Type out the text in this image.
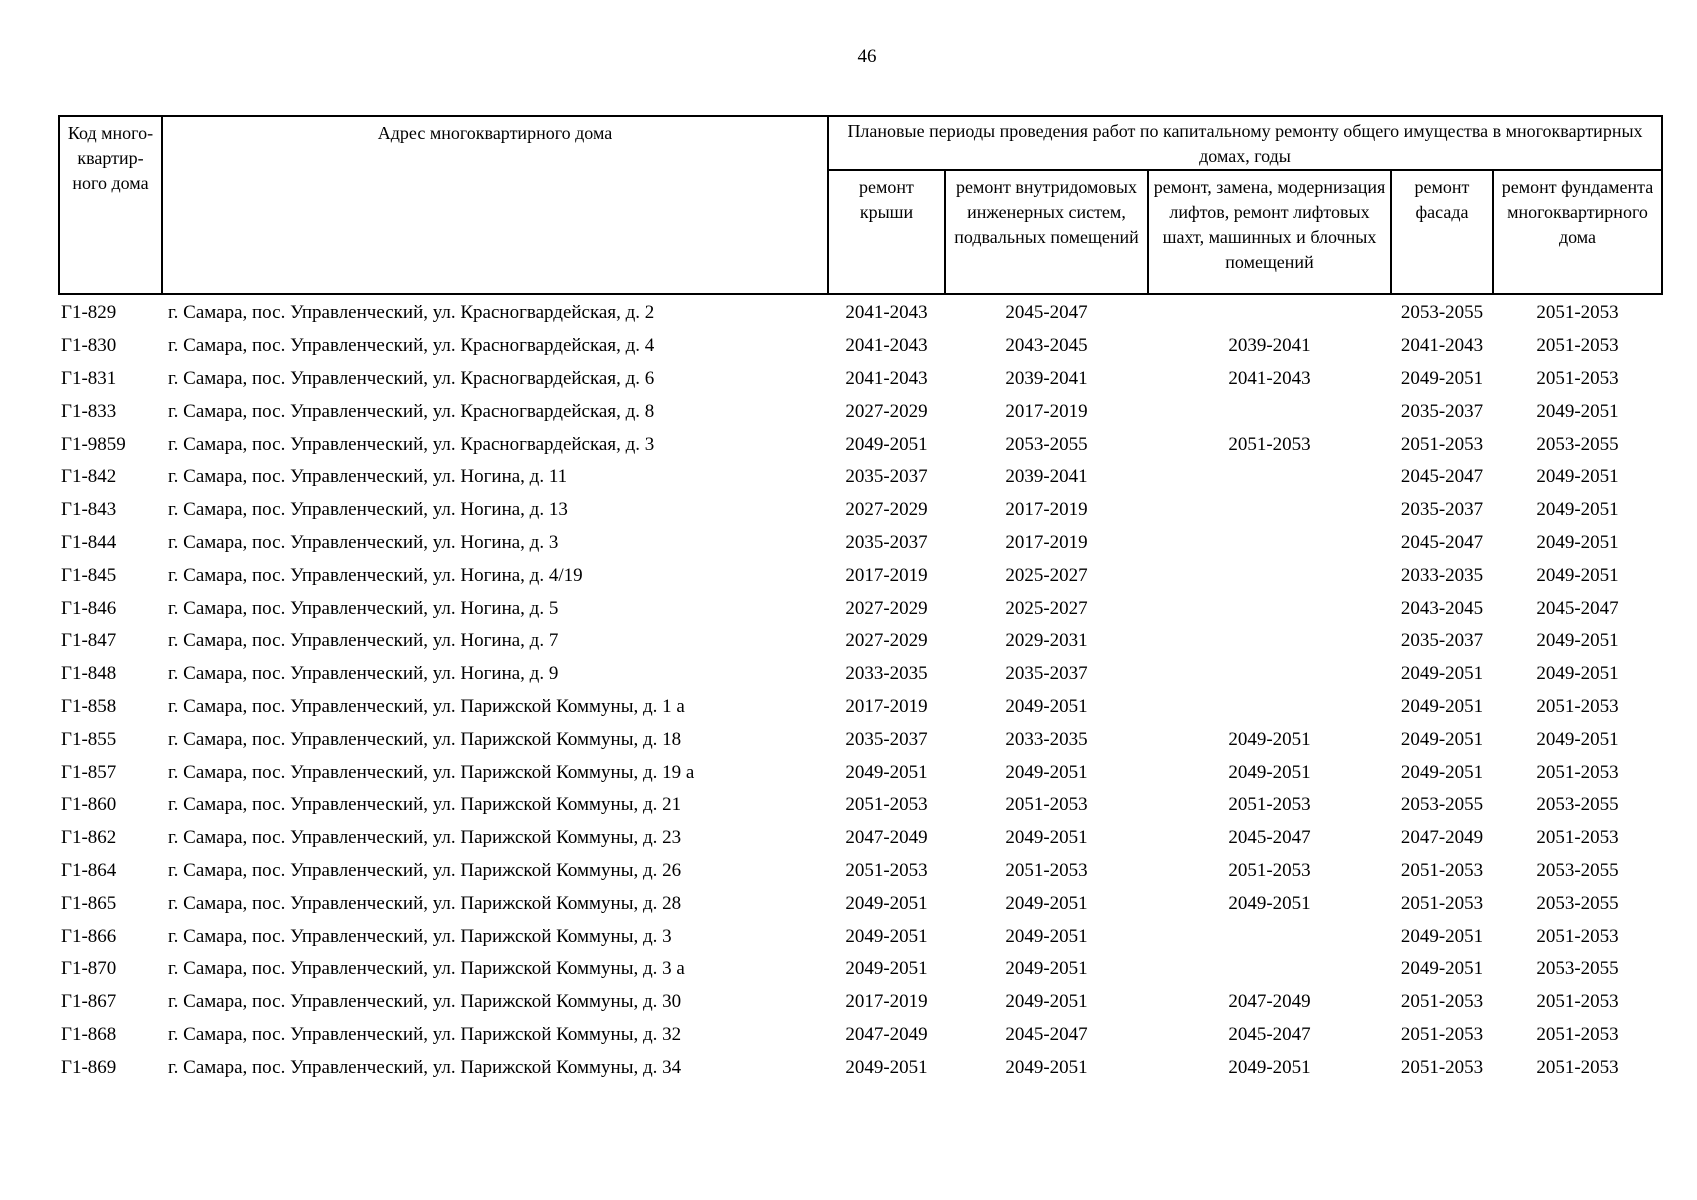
46
Код много-квартир-ного дома	Адрес многоквартирного дома	Плановые периоды проведения работ по капитальному ремонту общего имущества в многоквартирных домах, годы				
		ремонт крыши	ремонт внутридомовых инженерных систем, подвальных помещений	ремонт, замена, модернизация лифтов, ремонт лифтовых шахт, машинных и блочных помещений	ремонт фасада	ремонт фундамента многоквартирного дома
Г1-829	г. Самара, пос. Управленческий, ул. Красногвардейская, д. 2	2041-2043	2045-2047		2053-2055	2051-2053
Г1-830	г. Самара, пос. Управленческий, ул. Красногвардейская, д. 4	2041-2043	2043-2045	2039-2041	2041-2043	2051-2053
Г1-831	г. Самара, пос. Управленческий, ул. Красногвардейская, д. 6	2041-2043	2039-2041	2041-2043	2049-2051	2051-2053
Г1-833	г. Самара, пос. Управленческий, ул. Красногвардейская, д. 8	2027-2029	2017-2019		2035-2037	2049-2051
Г1-9859	г. Самара, пос. Управленческий, ул. Красногвардейская, д. 3	2049-2051	2053-2055	2051-2053	2051-2053	2053-2055
Г1-842	г. Самара, пос. Управленческий, ул. Ногина, д. 11	2035-2037	2039-2041		2045-2047	2049-2051
Г1-843	г. Самара, пос. Управленческий, ул. Ногина, д. 13	2027-2029	2017-2019		2035-2037	2049-2051
Г1-844	г. Самара, пос. Управленческий, ул. Ногина, д. 3	2035-2037	2017-2019		2045-2047	2049-2051
Г1-845	г. Самара, пос. Управленческий, ул. Ногина, д. 4/19	2017-2019	2025-2027		2033-2035	2049-2051
Г1-846	г. Самара, пос. Управленческий, ул. Ногина, д. 5	2027-2029	2025-2027		2043-2045	2045-2047
Г1-847	г. Самара, пос. Управленческий, ул. Ногина, д. 7	2027-2029	2029-2031		2035-2037	2049-2051
Г1-848	г. Самара, пос. Управленческий, ул. Ногина, д. 9	2033-2035	2035-2037		2049-2051	2049-2051
Г1-858	г. Самара, пос. Управленческий, ул. Парижской Коммуны, д. 1 а	2017-2019	2049-2051		2049-2051	2051-2053
Г1-855	г. Самара, пос. Управленческий, ул. Парижской Коммуны, д. 18	2035-2037	2033-2035	2049-2051	2049-2051	2049-2051
Г1-857	г. Самара, пос. Управленческий, ул. Парижской Коммуны, д. 19 а	2049-2051	2049-2051	2049-2051	2049-2051	2051-2053
Г1-860	г. Самара, пос. Управленческий, ул. Парижской Коммуны, д. 21	2051-2053	2051-2053	2051-2053	2053-2055	2053-2055
Г1-862	г. Самара, пос. Управленческий, ул. Парижской Коммуны, д. 23	2047-2049	2049-2051	2045-2047	2047-2049	2051-2053
Г1-864	г. Самара, пос. Управленческий, ул. Парижской Коммуны, д. 26	2051-2053	2051-2053	2051-2053	2051-2053	2053-2055
Г1-865	г. Самара, пос. Управленческий, ул. Парижской Коммуны, д. 28	2049-2051	2049-2051	2049-2051	2051-2053	2053-2055
Г1-866	г. Самара, пос. Управленческий, ул. Парижской Коммуны, д. 3	2049-2051	2049-2051		2049-2051	2051-2053
Г1-870	г. Самара, пос. Управленческий, ул. Парижской Коммуны, д. 3 а	2049-2051	2049-2051		2049-2051	2053-2055
Г1-867	г. Самара, пос. Управленческий, ул. Парижской Коммуны, д. 30	2017-2019	2049-2051	2047-2049	2051-2053	2051-2053
Г1-868	г. Самара, пос. Управленческий, ул. Парижской Коммуны, д. 32	2047-2049	2045-2047	2045-2047	2051-2053	2051-2053
Г1-869	г. Самара, пос. Управленческий, ул. Парижской Коммуны, д. 34	2049-2051	2049-2051	2049-2051	2051-2053	2051-2053
